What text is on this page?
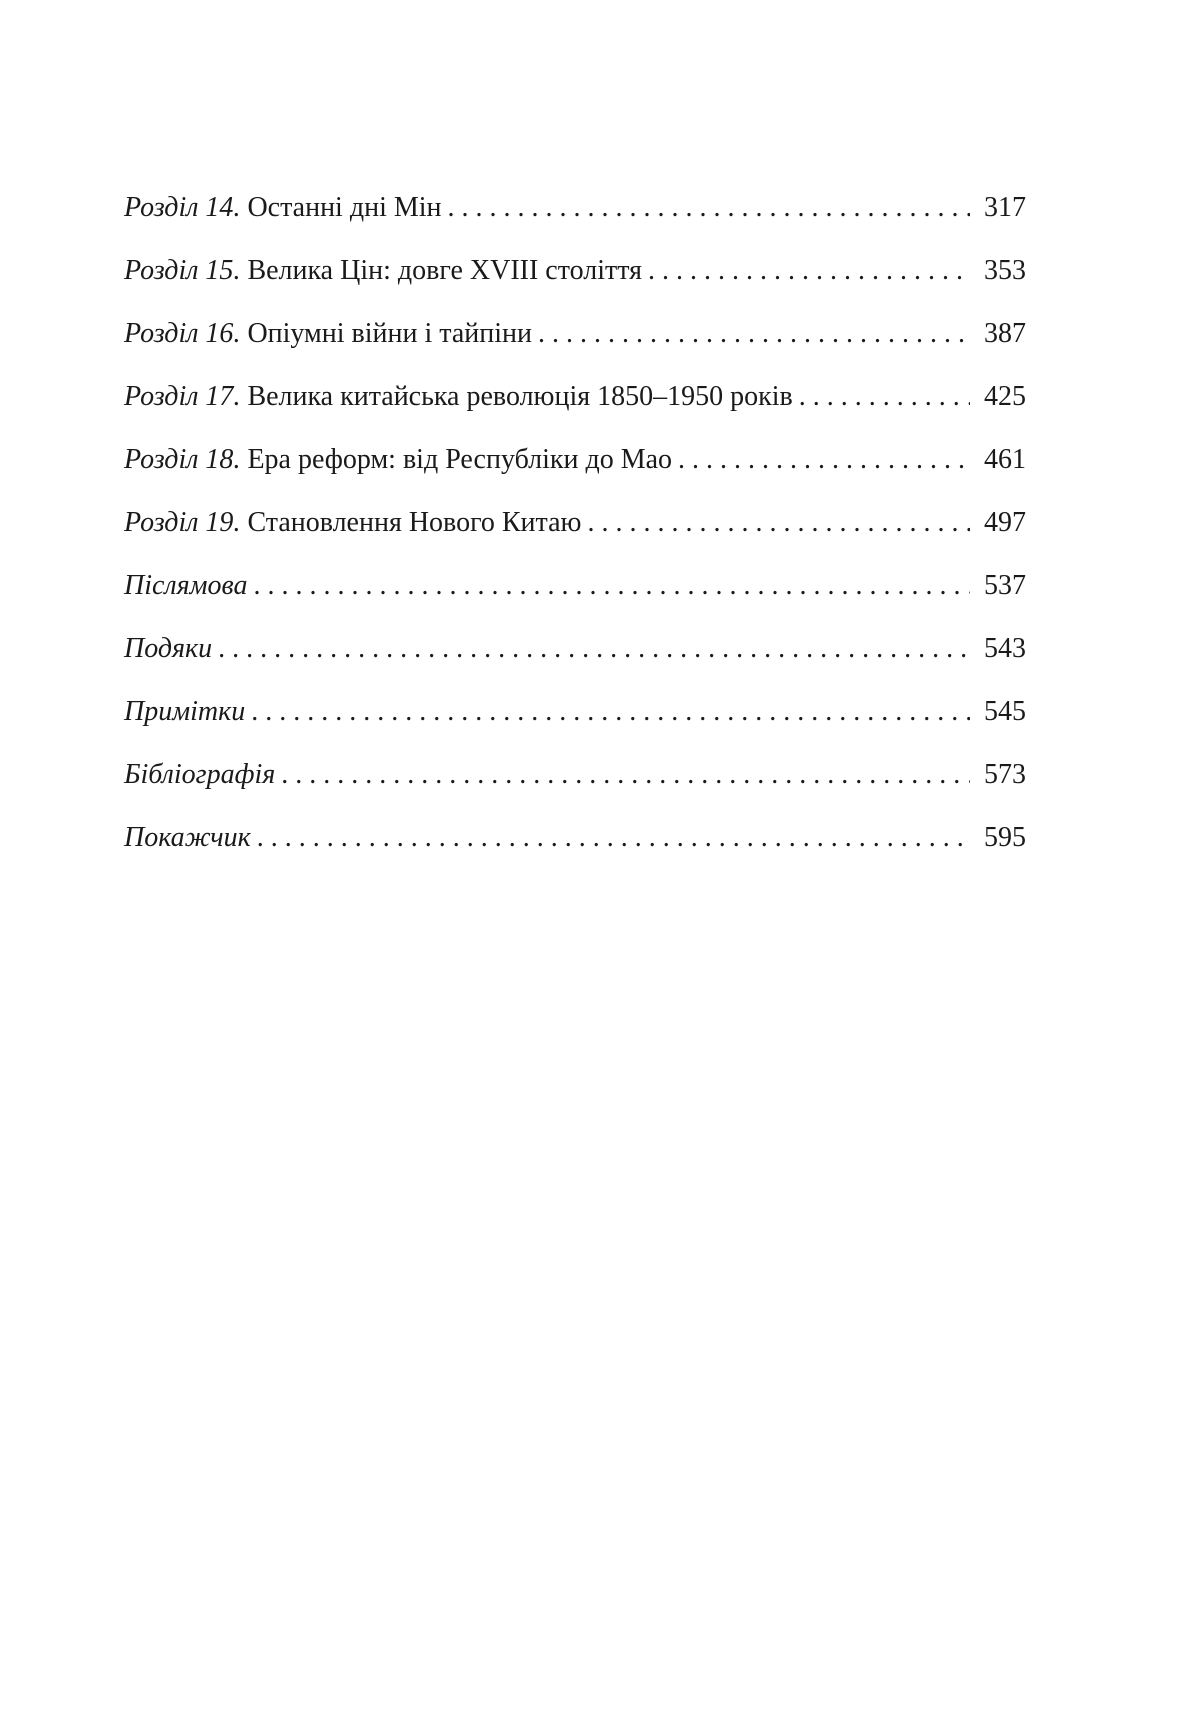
Розділ 14. Останні дні Мін . . .	317
Розділ 15. Велика Цін: довге XVIII століття . . .	353
Розділ 16. Опіумні війни і тайпіни . . .	387
Розділ 17. Велика китайська революція 1850–1950 років . . .	425
Розділ 18. Ера реформ: від Республіки до Мао . . .	461
Розділ 19. Становлення Нового Китаю . . .	497
Післямова . . .	537
Подяки . . .	543
Примітки . . .	545
Бібліографія . . .	573
Покажчик . . .	595
